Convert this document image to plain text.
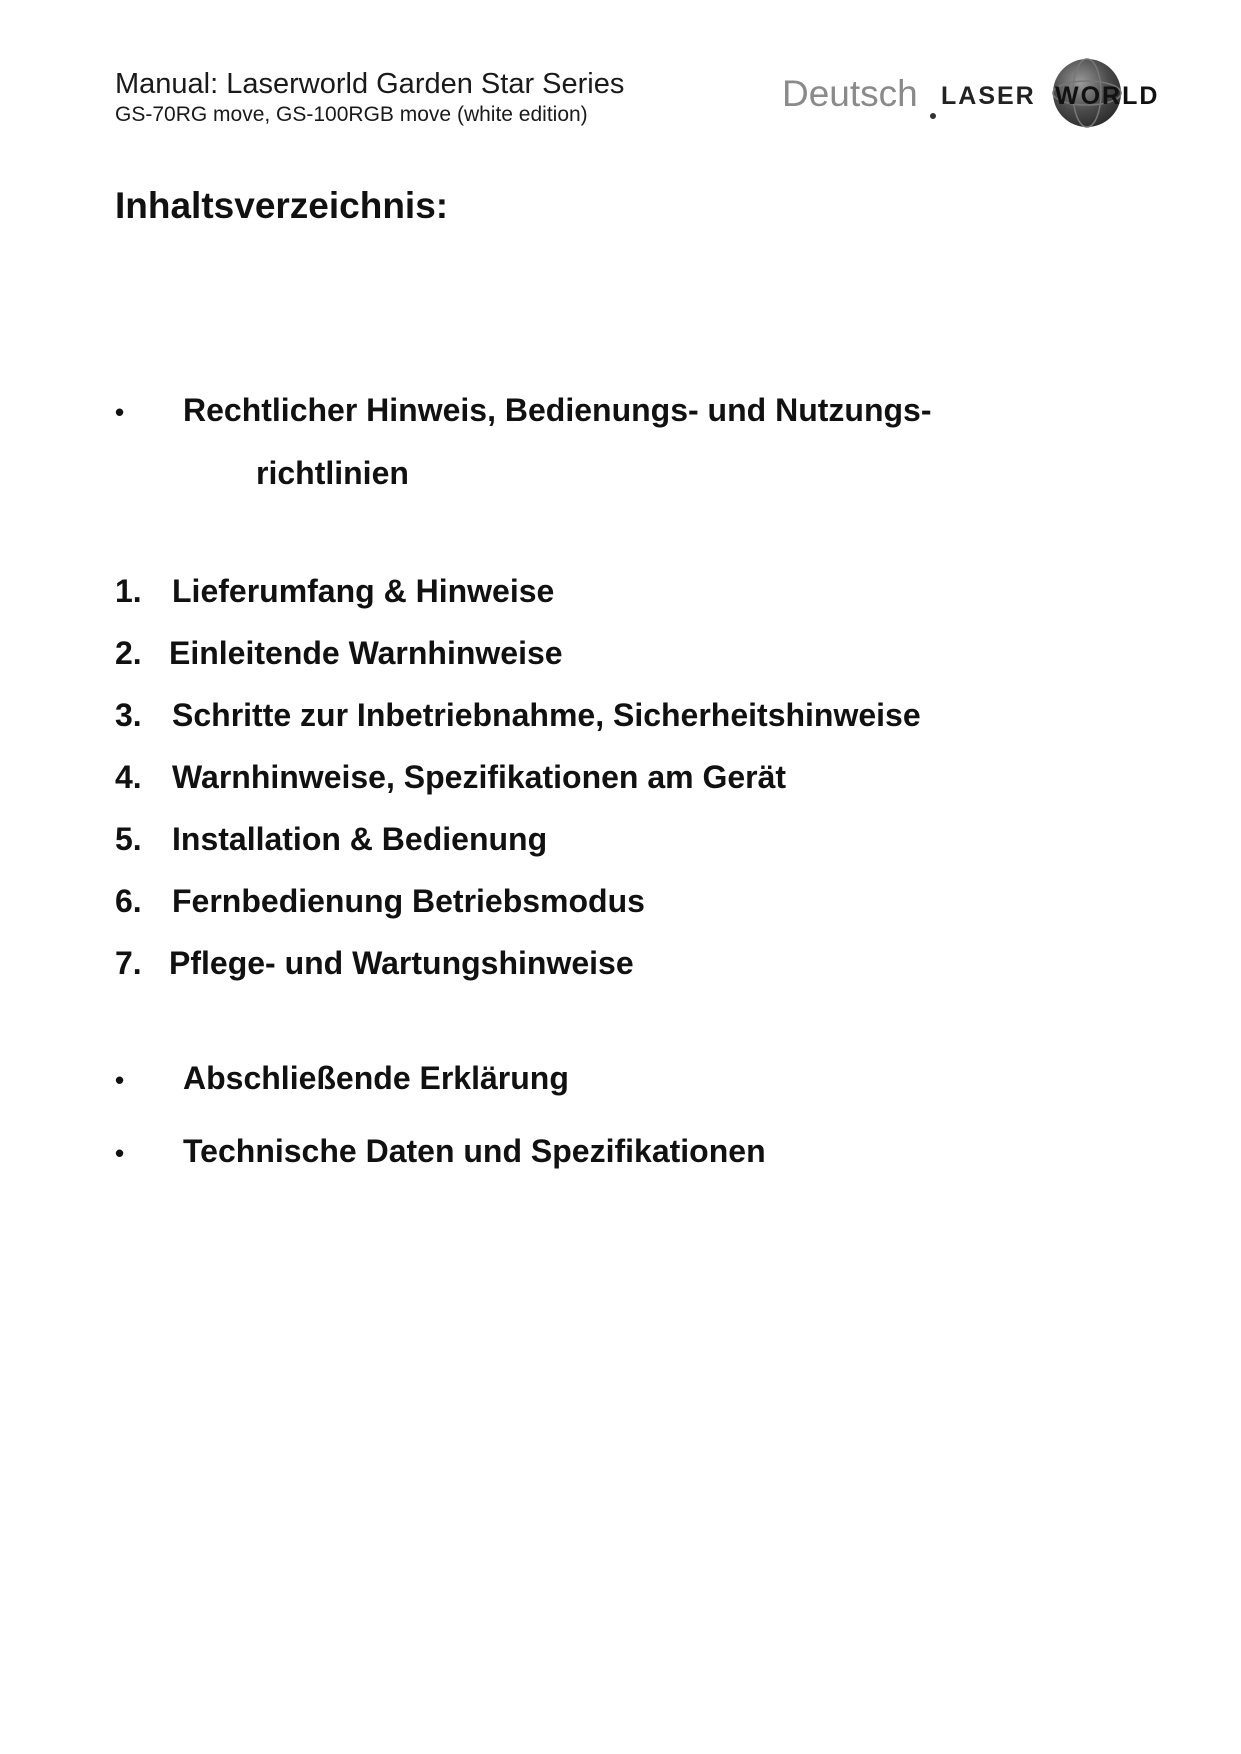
Manual: Laserworld Garden Star Series
GS-70RG move, GS-100RGB move (white edition)
Deutsch LASER WORLD
Inhaltsverzeichnis:
• Rechtlicher Hinweis, Bedienungs- und Nutzungs-
richtlinien
1. Lieferumfang & Hinweise
2. Einleitende Warnhinweise
3. Schritte zur Inbetriebnahme, Sicherheitshinweise
4. Warnhinweise, Spezifikationen am Gerät
5. Installation & Bedienung
6. Fernbedienung Betriebsmodus
7. Pflege- und Wartungshinweise
• Abschließende Erklärung
• Technische Daten und Spezifikationen
